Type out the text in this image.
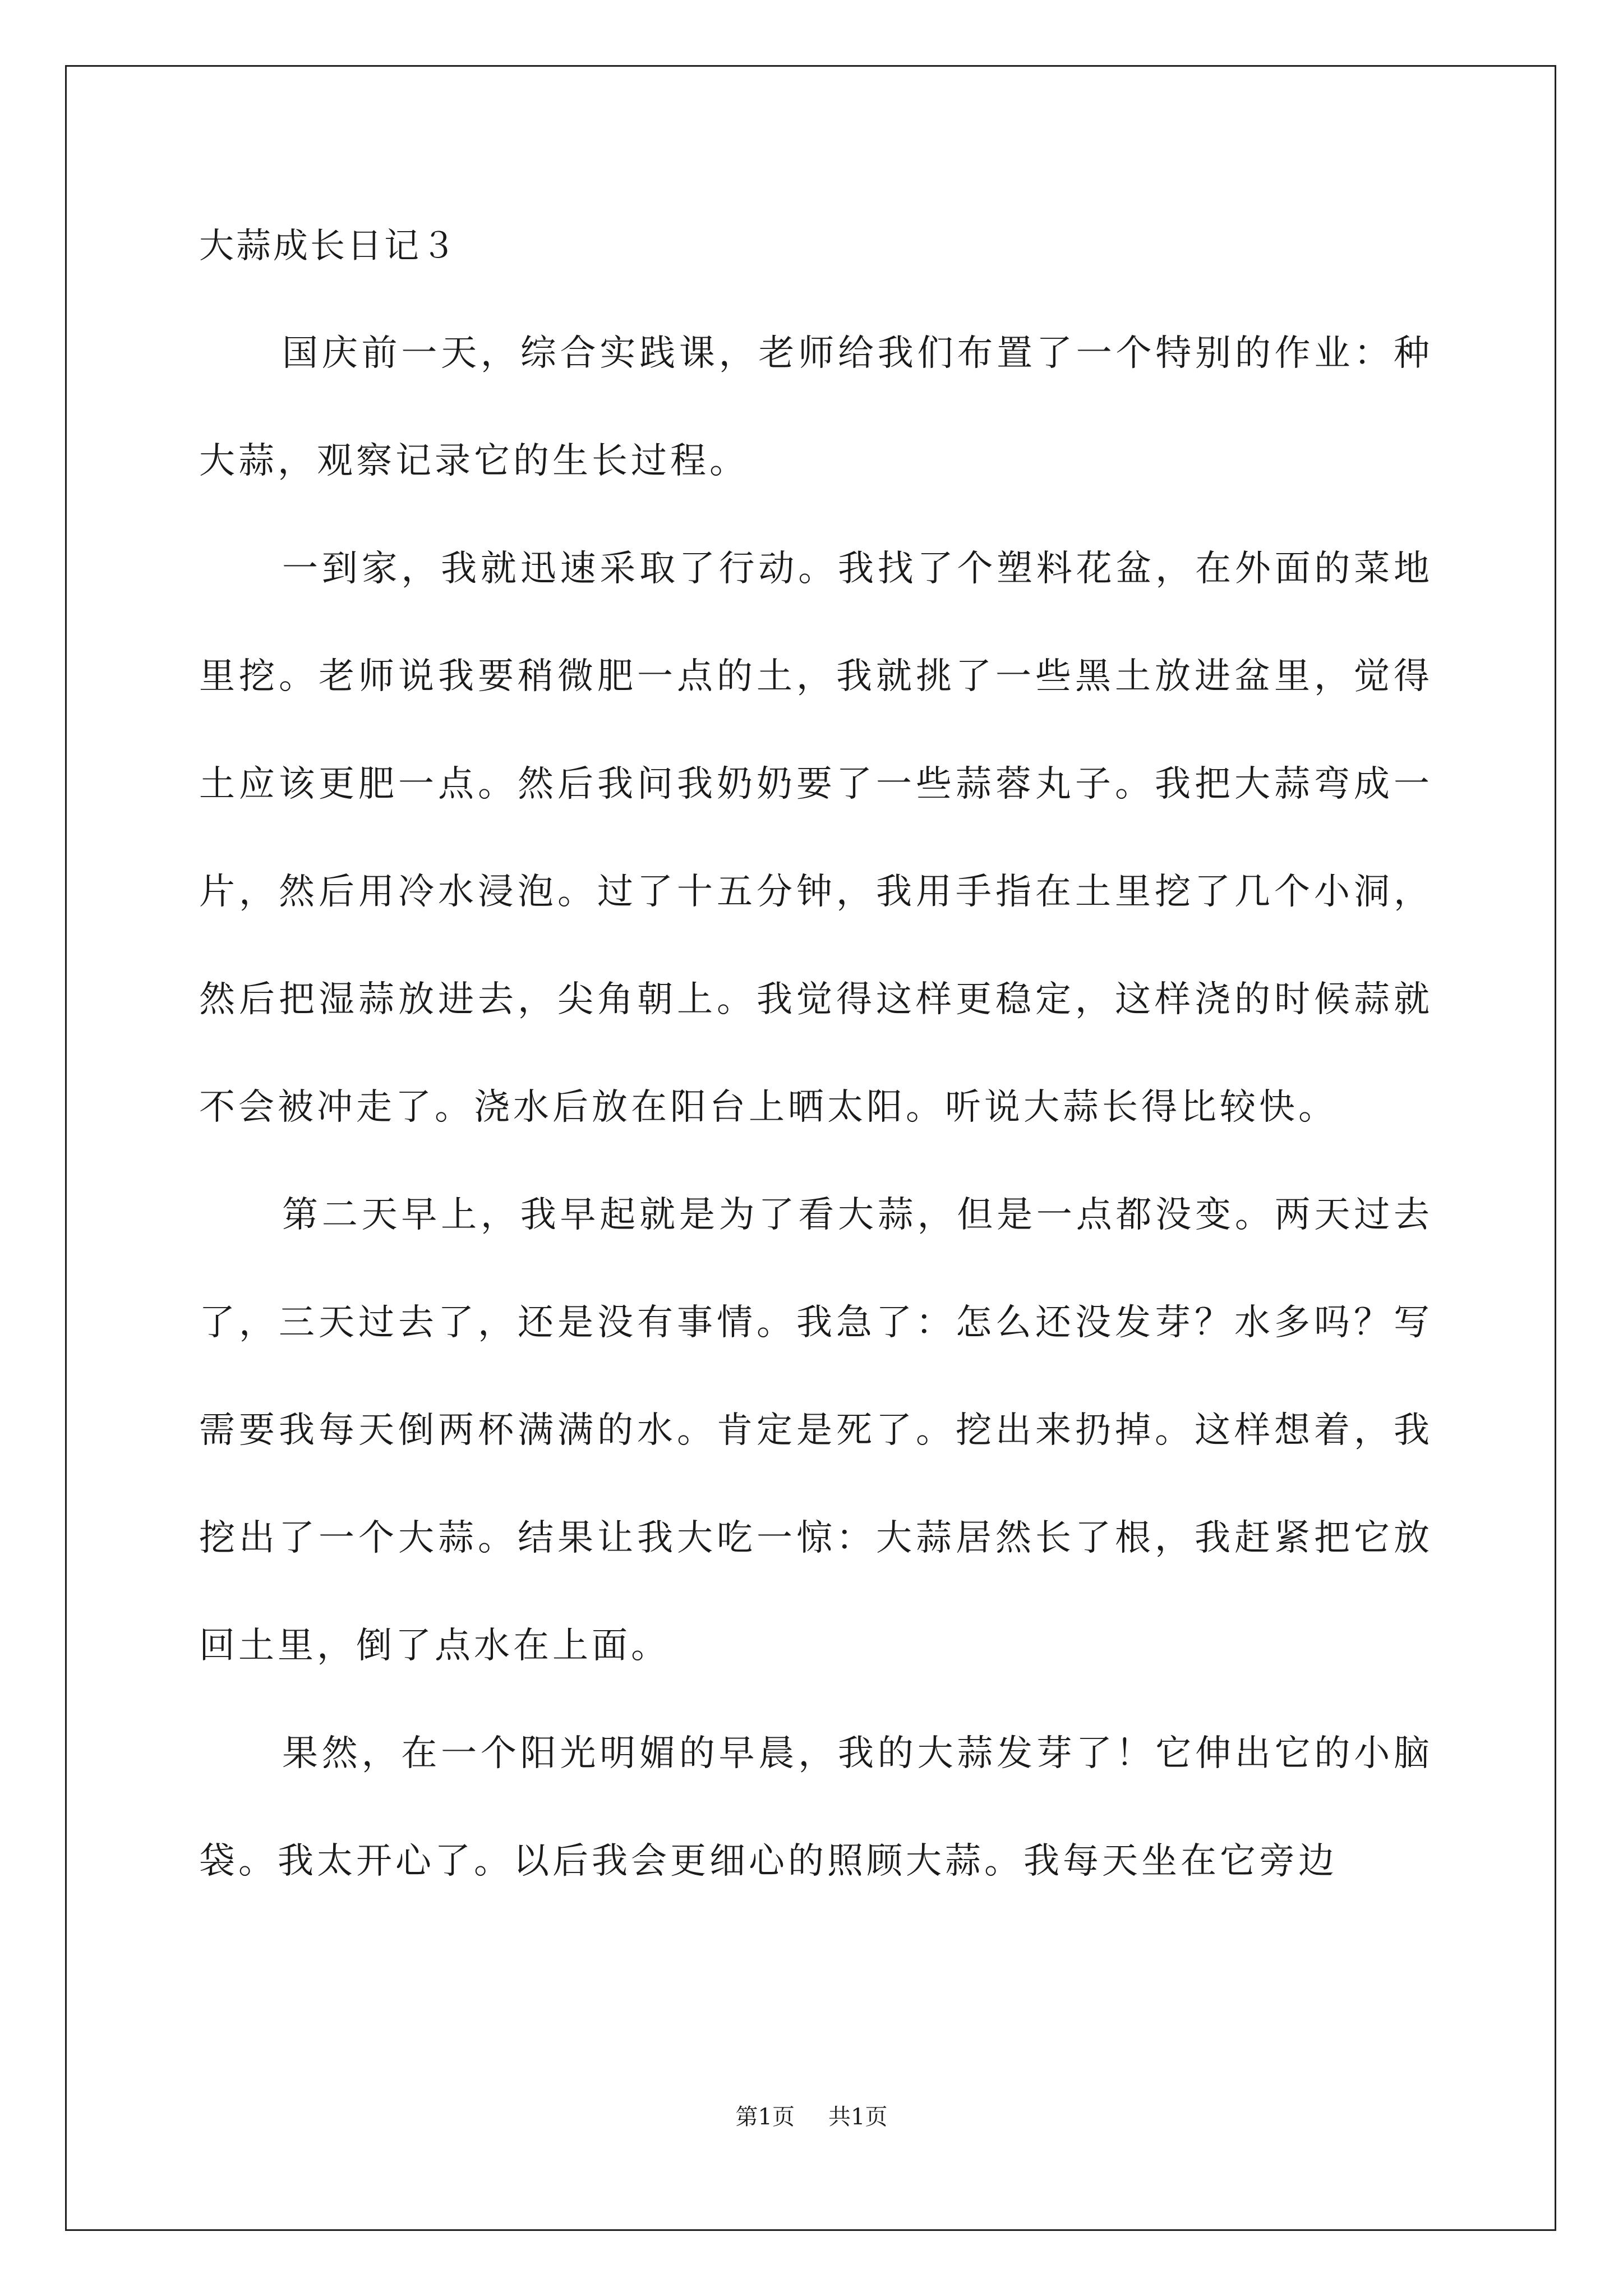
大蒜成长日记３

国庆前一天，综合实践课，老师给我们布置了一个特别的作业：种大蒜，观察记录它的生长过程。

一到家，我就迅速采取了行动。我找了个塑料花盆，在外面的菜地里挖。老师说我要稍微肥一点的土，我就挑了一些黑土放进盆里，觉得土应该更肥一点。然后我问我奶奶要了一些蒜蓉丸子。我把大蒜弯成一片，然后用冷水浸泡。过了十五分钟，我用手指在土里挖了几个小洞，然后把湿蒜放进去，尖角朝上。我觉得这样更稳定，这样浇的时候蒜就不会被冲走了。浇水后放在阳台上晒太阳。听说大蒜长得比较快。

第二天早上，我早起就是为了看大蒜，但是一点都没变。两天过去了，三天过去了，还是没有事情。我急了：怎么还没发芽？水多吗？写需要我每天倒两杯满满的水。肯定是死了。挖出来扔掉。这样想着，我挖出了一个大蒜。结果让我大吃一惊：大蒜居然长了根，我赶紧把它放回土里，倒了点水在上面。

果然，在一个阳光明媚的早晨，我的大蒜发芽了！它伸出它的小脑袋。我太开心了。以后我会更细心的照顾大蒜。我每天坐在它旁边

第1页 共1页
